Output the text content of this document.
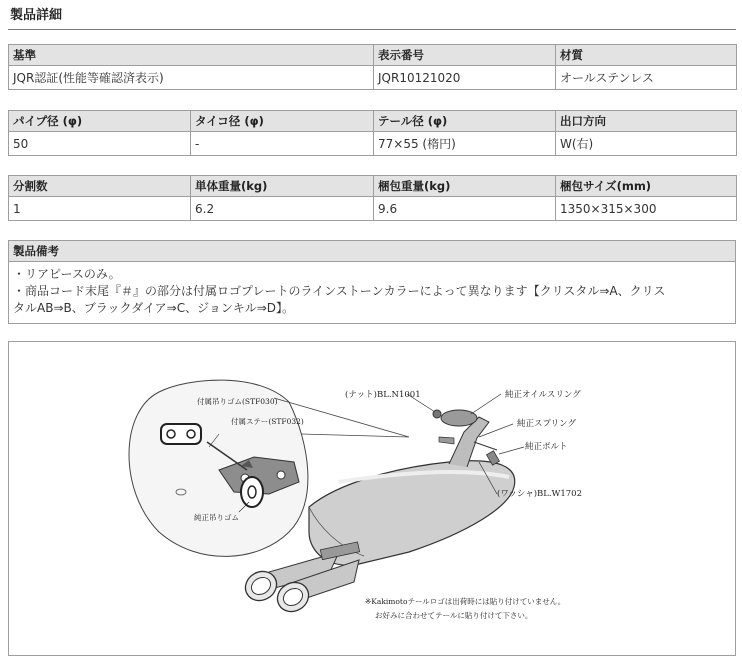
製品詳細
基準	表示番号	材質
JQR認証(性能等確認済表示)	JQR10121020	オールステンレス
パイプ径 (φ)	タイコ径 (φ)	テール径 (φ)	出口方向
50	-	77×55 (楕円)	W(右)
分割数	単体重量(kg)	梱包重量(kg)	梱包サイズ(mm)
1	6.2	9.6	1350×315×300
製品備考
・リアピースのみ。
・商品コード末尾『＃』の部分は付属ロゴプレートのラインストーンカラーによって異なります【クリスタル⇒A、クリス
タルAB⇒B、ブラックダイア⇒C、ジョンキル⇒D】。
付属吊りゴム(STF030)
付属ステー(STF032)
純正吊りゴム
(ナット)BL.N1001	純正オイルスリング
純正スプリング
純正ボルト
(ワッシャ)BL.W1702
※Kakimotoテールロゴは出荷時には貼り付けていません。
お好みに合わせてテールに貼り付けて下さい。
